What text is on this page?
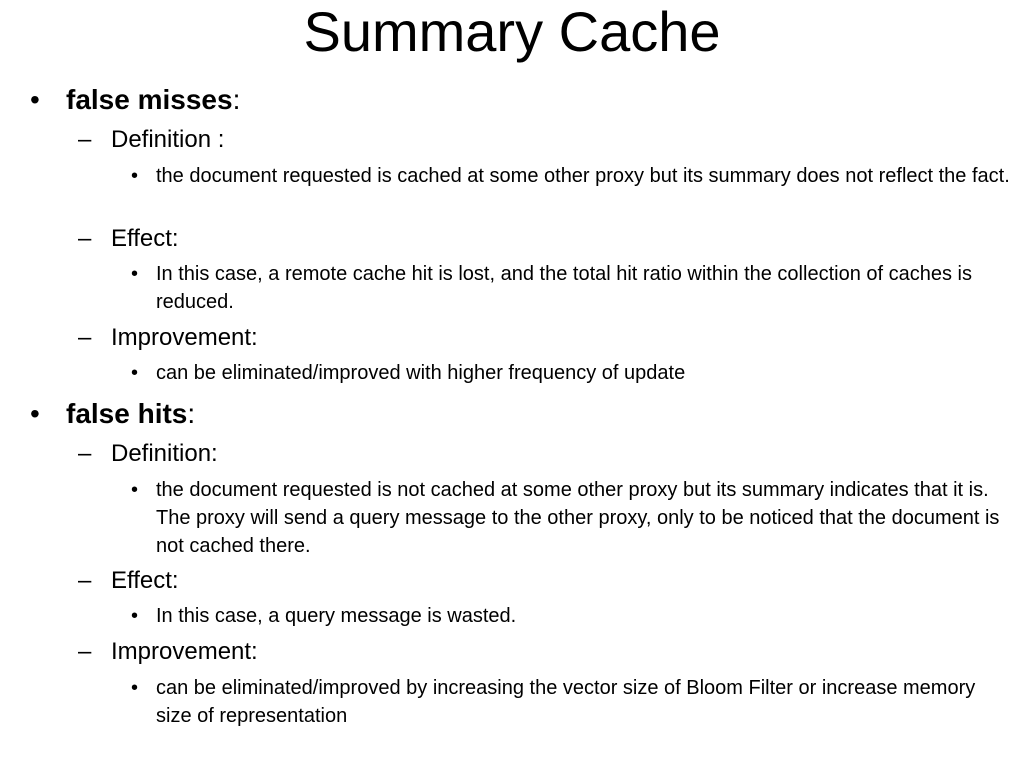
Summary Cache
• false misses:
– Definition :
• the document requested is cached at some other proxy but its summary does not reflect the fact.
– Effect:
• In this case, a remote cache hit is lost, and the total hit ratio within the collection of caches is reduced.
– Improvement:
• can be eliminated/improved with higher frequency of update
• false hits:
– Definition:
• the document requested is not cached at some other proxy but its summary indicates that it is. The proxy will send a query message to the other proxy, only to be noticed that the document is not cached there.
– Effect:
• In this case, a query message is wasted.
– Improvement:
• can be eliminated/improved by increasing the vector size of Bloom Filter or increase memory size of representation
